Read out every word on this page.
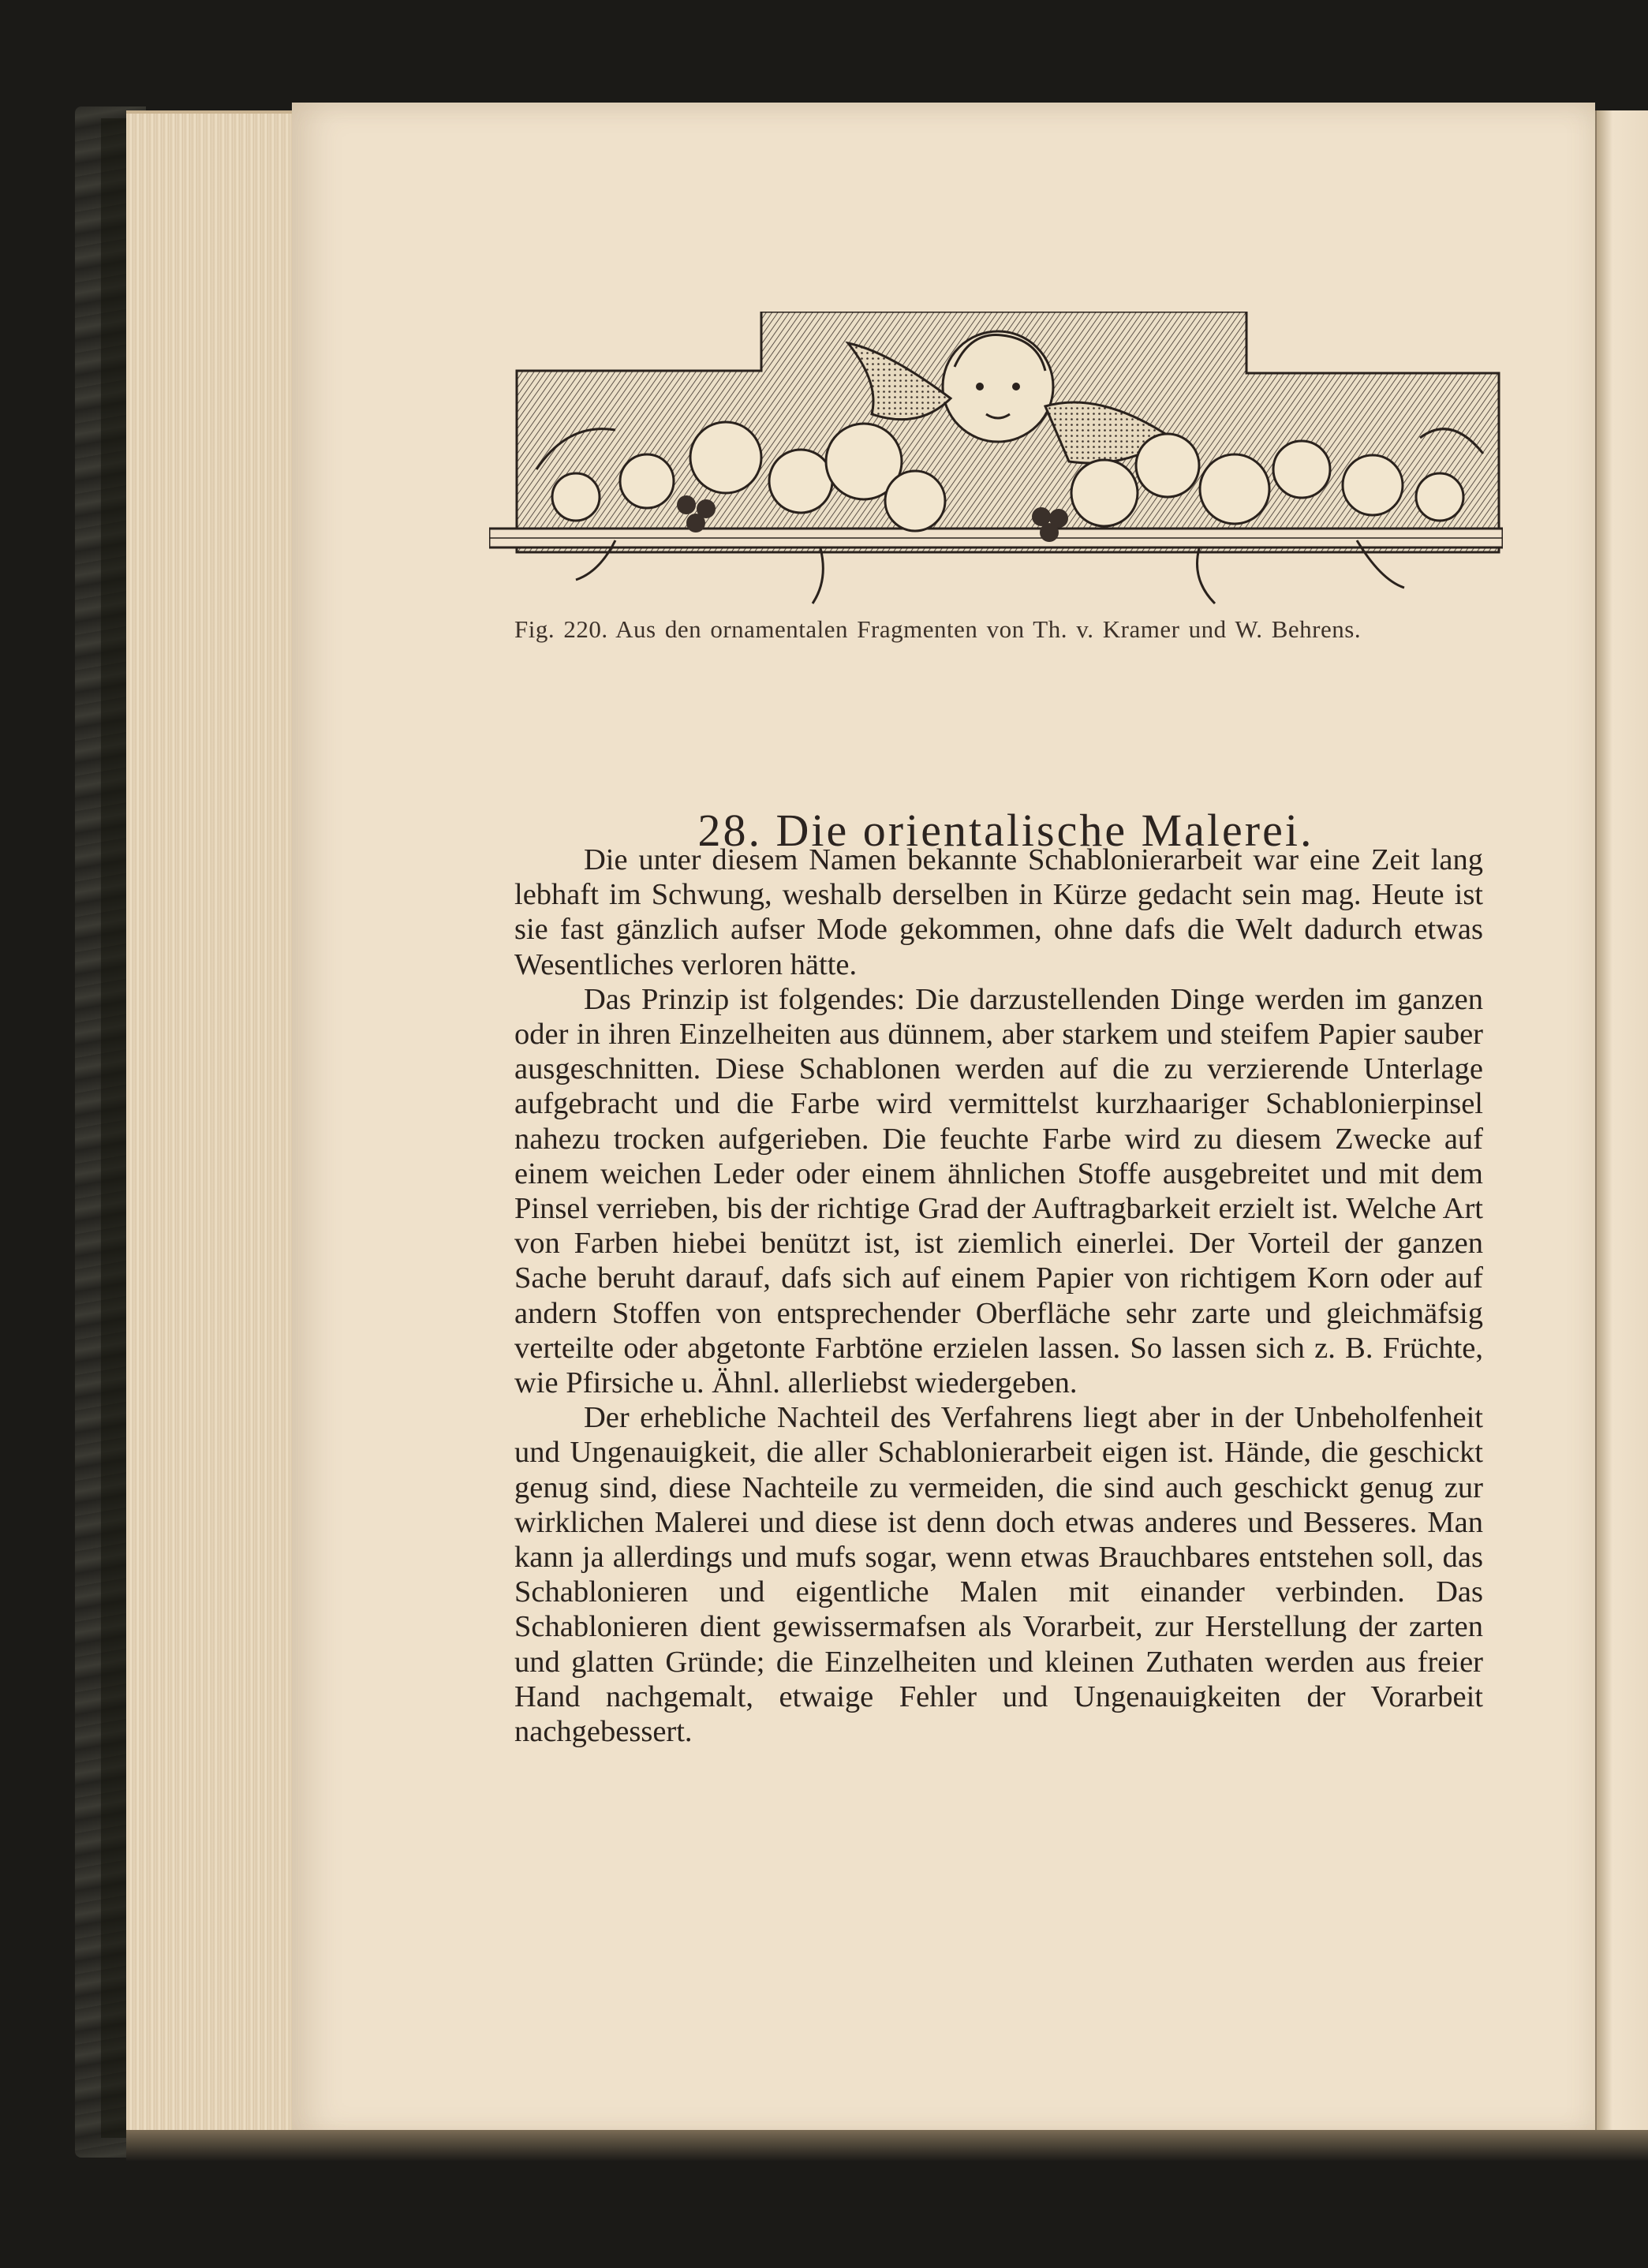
Fig. 220. Aus den ornamentalen Fragmenten von Th. v. Kramer und W. Behrens.
28. Die orientalische Malerei.

Die unter diesem Namen bekannte Schablonierarbeit war eine Zeit lang lebhaft im Schwung, weshalb derselben in Kürze gedacht sein mag. Heute ist sie fast gänzlich aufser Mode gekommen, ohne dafs die Welt dadurch etwas Wesentliches verloren hätte.

Das Prinzip ist folgendes: Die darzustellenden Dinge werden im ganzen oder in ihren Einzelheiten aus dünnem, aber starkem und steifem Papier sauber ausgeschnitten. Diese Schablonen werden auf die zu verzierende Unterlage aufgebracht und die Farbe wird vermittelst kurzhaariger Schablonierpinsel nahezu trocken aufgerieben. Die feuchte Farbe wird zu diesem Zwecke auf einem weichen Leder oder einem ähnlichen Stoffe ausgebreitet und mit dem Pinsel verrieben, bis der richtige Grad der Auftragbarkeit erzielt ist. Welche Art von Farben hiebei benützt ist, ist ziemlich einerlei. Der Vorteil der ganzen Sache beruht darauf, dafs sich auf einem Papier von richtigem Korn oder auf andern Stoffen von entsprechender Oberfläche sehr zarte und gleichmäfsig verteilte oder abgetonte Farbtöne erzielen lassen. So lassen sich z. B. Früchte, wie Pfirsiche u. Ähnl. allerliebst wiedergeben.

Der erhebliche Nachteil des Verfahrens liegt aber in der Unbeholfenheit und Ungenauigkeit, die aller Schablonierarbeit eigen ist. Hände, die geschickt genug sind, diese Nachteile zu vermeiden, die sind auch geschickt genug zur wirklichen Malerei und diese ist denn doch etwas anderes und Besseres. Man kann ja allerdings und mufs sogar, wenn etwas Brauchbares entstehen soll, das Schablonieren und eigentliche Malen mit einander verbinden. Das Schablonieren dient gewissermafsen als Vorarbeit, zur Herstellung der zarten und glatten Gründe; die Einzelheiten und kleinen Zuthaten werden aus freier Hand nachgemalt, etwaige Fehler und Ungenauigkeiten der Vorarbeit nachgebessert.
